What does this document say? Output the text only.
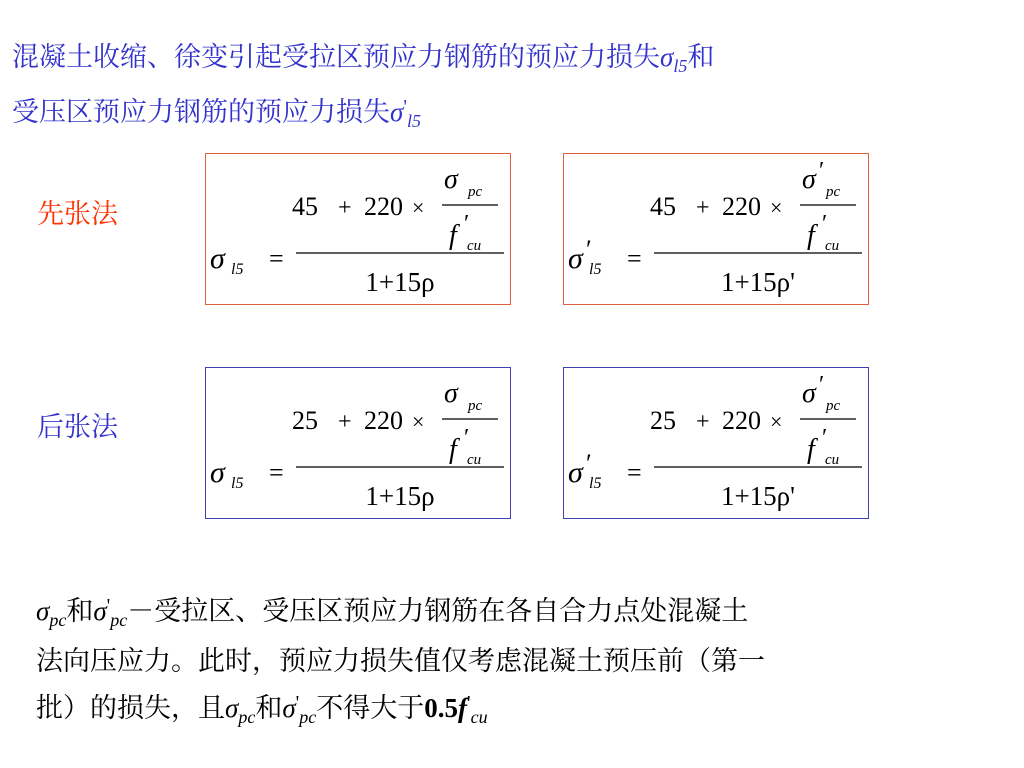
混凝土收缩、徐变引起受拉区预应力钢筋的预应力损失$\sigma_{l5}$和
受压区预应力钢筋的预应力损失$\sigma'_{l5}$
先张法
后张法
σ l5 =
45 + 220 ×
σ pc
f ′
cu
1+15ρ
σ ′
l5 =
45 + 220 ×
σ ′
pc
f ′
cu
1+15ρ'
σ l5 =
25 + 220 ×
σ pc
f ′
cu
1+15ρ
σ ′
l5 =
25 + 220 ×
σ ′
pc
f ′
cu
1+15ρ'
$\sigma_{pc}$和$\sigma'_{pc}-$受拉区、受压区预应力钢筋在各自合力点处混凝土
法向压应力。此时，预应力损失值仅考虑混凝土预压前（第一
批）的损失，且$\sigma_{pc}$和$\sigma'_{pc}$不得大于$0.5f'_{cu}$
